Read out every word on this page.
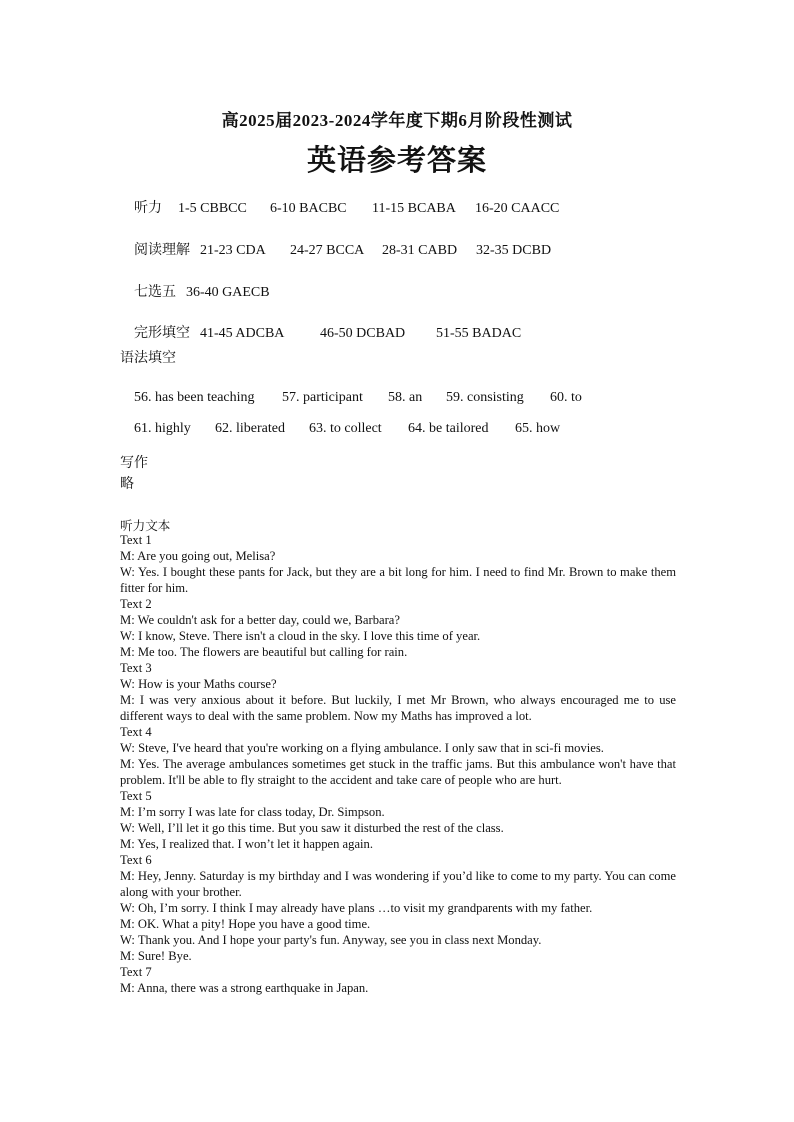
高2025届2023-2024学年度下期6月阶段性测试
英语参考答案

听力 1-5 CBBCC 6-10 BACBC 11-15 BCABA 16-20 CAACC

阅读理解 21-23 CDA 24-27 BCCA 28-31 CABD 32-35 DCBD

七选五 36-40 GAECB

完形填空 41-45 ADCBA	46-50 DCBAD 51-55 BADAC

语法填空

56. has been teaching 57. participant 58. an 59. consisting 60. to

61. highly 62. liberated 63. to collect 64. be tailored 65. how

写作
略
听力文本
Text 1
M: Are you going out, Melisa?
W: Yes. I bought these pants for Jack, but they are a bit long for him. I need to find Mr. Brown to make them fitter for him.
Text 2
M: We couldn't ask for a better day, could we, Barbara?
W: I know, Steve. There isn't a cloud in the sky. I love this time of year.
M: Me too. The flowers are beautiful but calling for rain.
Text 3
W: How is your Maths course?
M: I was very anxious about it before. But luckily, I met Mr Brown, who always encouraged me to use different ways to deal with the same problem. Now my Maths has improved a lot.
Text 4
W: Steve, I've heard that you're working on a flying ambulance. I only saw that in sci-fi movies.
M: Yes. The average ambulances sometimes get stuck in the traffic jams. But this ambulance won't have that problem. It'll be able to fly straight to the accident and take care of people who are hurt.
Text 5
M: I’m sorry I was late for class today, Dr. Simpson.
W: Well, I’ll let it go this time. But you saw it disturbed the rest of the class.
M: Yes, I realized that. I won’t let it happen again.
Text 6
M: Hey, Jenny. Saturday is my birthday and I was wondering if you’d like to come to my party. You can come along with your brother.
W: Oh, I’m sorry. I think I may already have plans …to visit my grandparents with my father.
M: OK. What a pity! Hope you have a good time.
W: Thank you. And I hope your party's fun. Anyway, see you in class next Monday.
M: Sure! Bye.
Text 7
M: Anna, there was a strong earthquake in Japan.
